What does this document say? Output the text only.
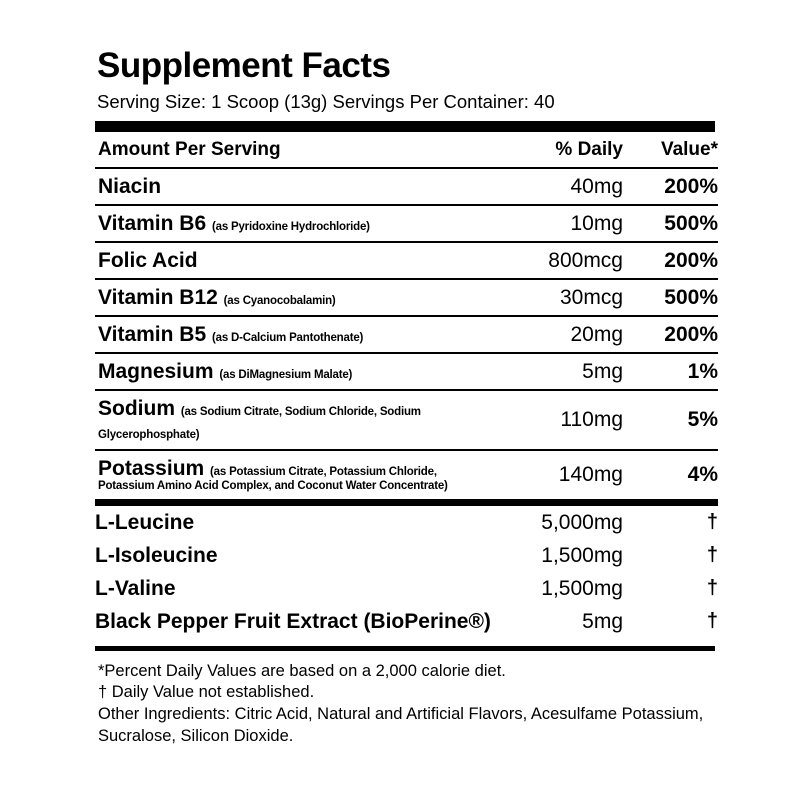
Supplement Facts
Serving Size: 1 Scoop (13g) Servings Per Container: 40
Amount Per Serving	% Daily	Value*
Niacin	40mg	200%
Vitamin B6 (as Pyridoxine Hydrochloride)	10mg	500%
Folic Acid	800mcg	200%
Vitamin B12 (as Cyanocobalamin)	30mcg	500%
Vitamin B5 (as D-Calcium Pantothenate)	20mg	200%
Magnesium (as DiMagnesium Malate)	5mg	1%
Sodium (as Sodium Citrate, Sodium Chloride, Sodium Glycerophosphate)	110mg	5%
Potassium (as Potassium Citrate, Potassium Chloride,
Potassium Amino Acid Complex, and Coconut Water Concentrate)	140mg	4%

L-Leucine	5,000mg	†
L-Isoleucine	1,500mg	†
L-Valine	1,500mg	†
Black Pepper Fruit Extract (BioPerine®)	5mg	†

*Percent Daily Values are based on a 2,000 calorie diet.

† Daily Value not established.

Other Ingredients: Citric Acid, Natural and Artificial Flavors, Acesulfame Potassium,

Sucralose, Silicon Dioxide.
